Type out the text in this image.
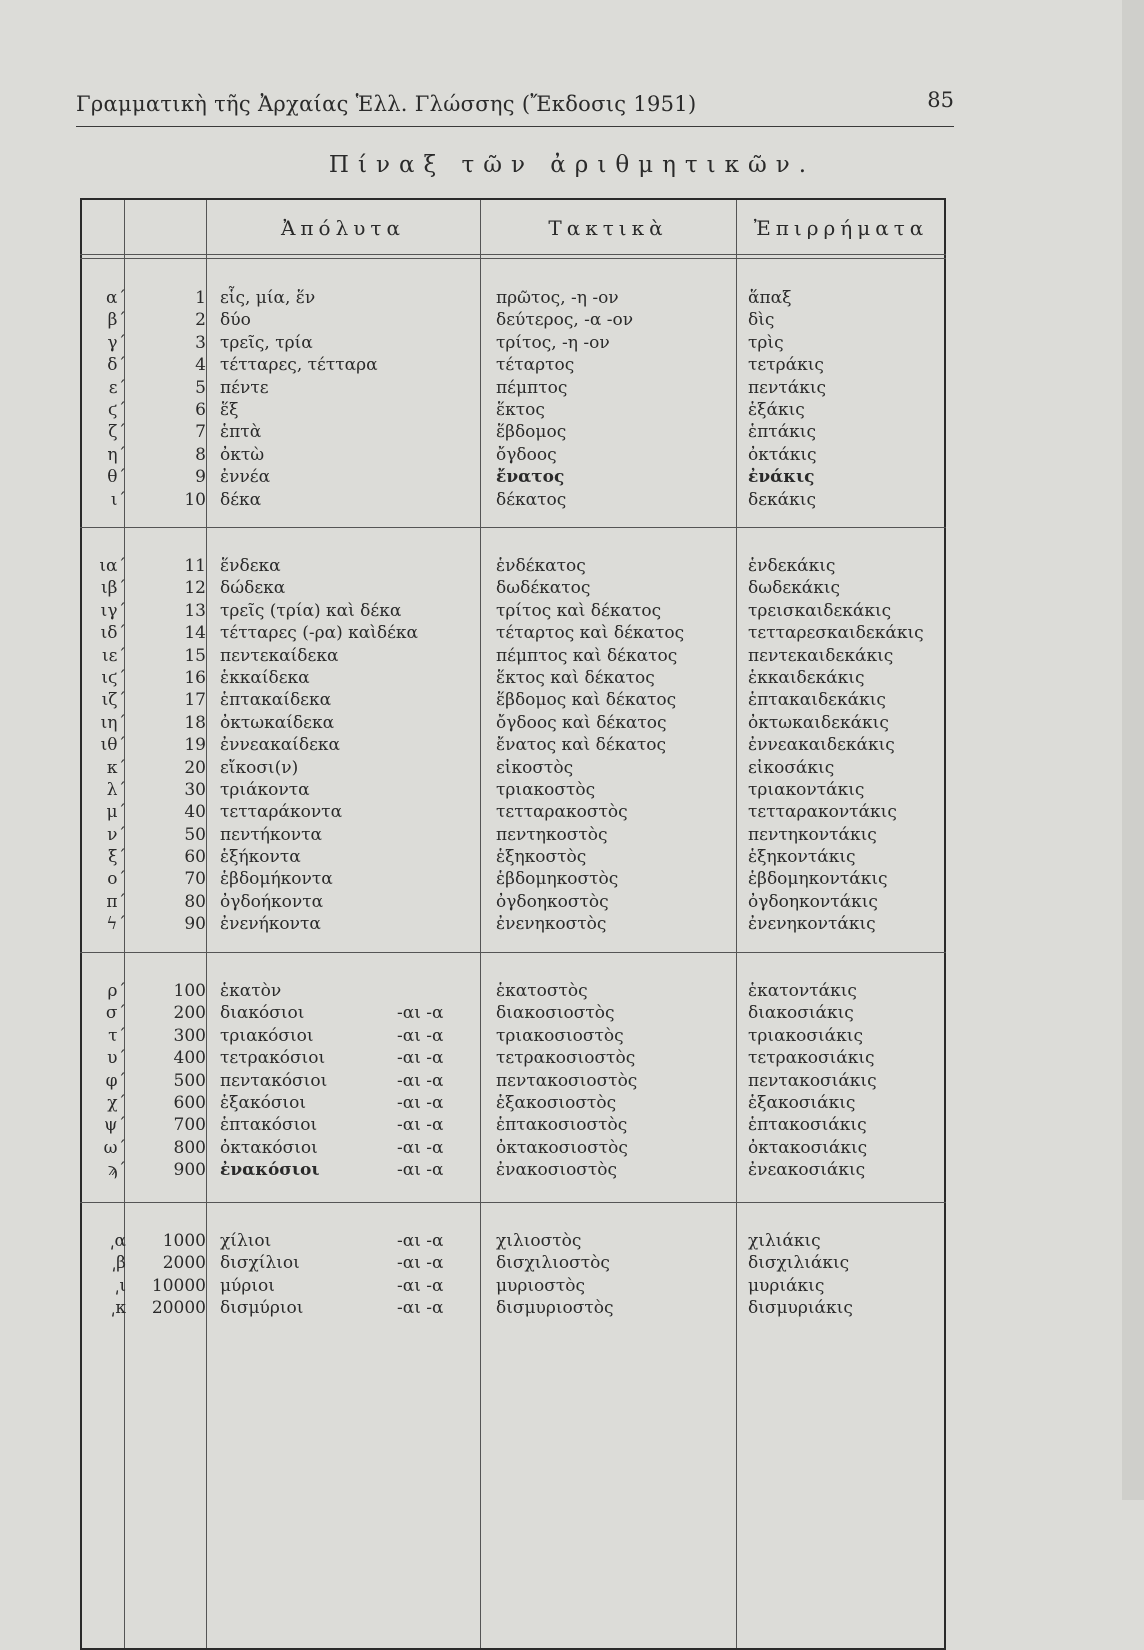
Γραμματικὴ τῆς Ἀρχαίας Ἑλλ. Γλώσσης (Ἔκδοσις 1951)	85
Πίναξ τῶν ἀριθμητικῶν.
Ἀπόλυτα	Τακτικὰ	Ἐπιρρήματα
α΄	1 εἷς, μία, ἕν	πρῶτος, -η -ον	ἅπαξ
β΄	2 δύο	δεύτερος, -α -ον	δὶς
γ΄	3 τρεῖς, τρία	τρίτος, -η -ον	τρὶς
δ΄	4 τέτταρες, τέτταρα	τέταρτος	τετράκις
ε΄	5 πέντε	πέμπτος	πεντάκις
ϛ΄	6 ἕξ	ἕκτος	ἑξάκις
ζ΄	7 ἑπτὰ	ἕβδομος	ἑπτάκις
η΄	8 ὀκτὼ	ὄγδοος	ὀκτάκις
θ΄	9 ἐννέα	ἔνατος	ἐνάκις
ι΄	10 δέκα	δέκατος	δεκάκις
ια΄	11 ἕνδεκα	ἑνδέκατος	ἑνδεκάκις
ιβ΄	12 δώδεκα	δωδέκατος	δωδεκάκις
ιγ΄	13 τρεῖς (τρία) καὶ δέκα	τρίτος καὶ δέκατος	τρεισκαιδεκάκις
ιδ΄	14 τέτταρες (-ρα) καὶδέκα	τέταρτος καὶ δέκατος	τετταρεσκαιδεκάκις
ιε΄	15 πεντεκαίδεκα	πέμπτος καὶ δέκατος	πεντεκαιδεκάκις
ιϛ΄	16 ἑκκαίδεκα	ἕκτος καὶ δέκατος	ἑκκαιδεκάκις
ιζ΄	17 ἑπτακαίδεκα	ἕβδομος καὶ δέκατος	ἑπτακαιδεκάκις
ιη΄	18 ὀκτωκαίδεκα	ὄγδοος καὶ δέκατος	ὀκτωκαιδεκάκις
ιθ΄	19 ἐννεακαίδεκα	ἔνατος καὶ δέκατος	ἐννεακαιδεκάκις
κ΄	20 εἴκοσι(ν)	εἰκοστὸς	εἰκοσάκις
λ΄	30 τριάκοντα	τριακοστὸς	τριακοντάκις
μ΄	40 τετταράκοντα	τετταρακοστὸς	τετταρακοντάκις
ν΄	50 πεντήκοντα	πεντηκοστὸς	πεντηκοντάκις
ξ΄	60 ἑξήκοντα	ἑξηκοστὸς	ἑξηκοντάκις
ο΄	70 ἑβδομήκοντα	ἑβδομηκοστὸς	ἑβδομηκοντάκις
π΄	80 ὀγδοήκοντα	ὀγδοηκοστὸς	ὀγδοηκοντάκις
ϟ΄	90 ἐνενήκοντα	ἐνενηκοστὸς	ἐνενηκοντάκις
ρ΄	100 ἑκατὸν	ἑκατοστὸς	ἑκατοντάκις
σ΄	200 διακόσιοι	-αι -α	διακοσιοστὸς	διακοσιάκις
τ΄	300 τριακόσιοι	-αι -α	τριακοσιοστὸς	τριακοσιάκις
υ΄	400 τετρακόσιοι	-αι -α	τετρακοσιοστὸς	τετρακοσιάκις
φ΄	500 πεντακόσιοι	-αι -α	πεντακοσιοστὸς	πεντακοσιάκις
χ΄	600 ἑξακόσιοι	-αι -α	ἑξακοσιοστὸς	ἑξακοσιάκις
ψ΄	700 ἑπτακόσιοι	-αι -α	ἑπτακοσιοστὸς	ἑπτακοσιάκις
ω΄	800 ὀκτακόσιοι	-αι -α	ὀκτακοσιοστὸς	ὀκτακοσιάκις
ϡ΄	900 ἐνακόσιοι	-αι -α	ἐνακοσιοστὸς	ἐνεακοσιάκις
͵α	1000 χίλιοι	-αι -α	χιλιοστὸς	χιλιάκις
͵β	2000 δισχίλιοι	-αι -α	δισχιλιοστὸς	δισχιλιάκις
͵ι	10000 μύριοι	-αι -α	μυριοστὸς	μυριάκις
͵κ	20000 δισμύριοι	-αι -α	δισμυριοστὸς	δισμυριάκις
